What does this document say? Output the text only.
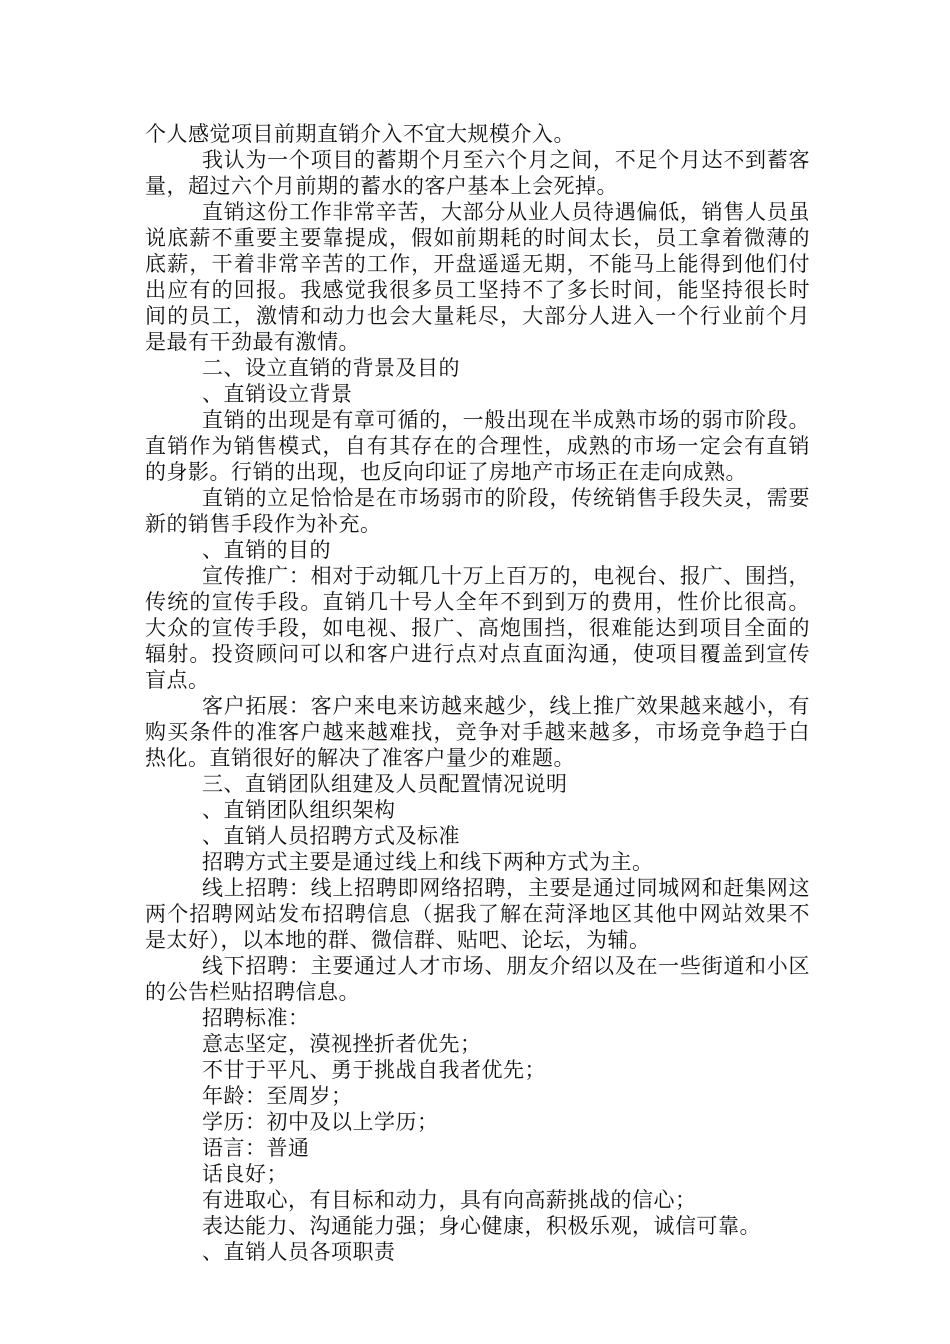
个人感觉项目前期直销介入不宜大规模介入。

我认为一个项目的蓄期个月至六个月之间，不足个月达不到蓄客量，超过六个月前期的蓄水的客户基本上会死掉。

直销这份工作非常辛苦，大部分从业人员待遇偏低，销售人员虽说底薪不重要主要靠提成，假如前期耗的时间太长，员工拿着微薄的底薪，干着非常辛苦的工作，开盘遥遥无期，不能马上能得到他们付出应有的回报。我感觉我很多员工坚持不了多长时间，能坚持很长时间的员工，激情和动力也会大量耗尽，大部分人进入一个行业前个月是最有干劲最有激情。

二、设立直销的背景及目的

、直销设立背景

直销的出现是有章可循的，一般出现在半成熟市场的弱市阶段。直销作为销售模式，自有其存在的合理性，成熟的市场一定会有直销的身影。行销的出现，也反向印证了房地产市场正在走向成熟。

直销的立足恰恰是在市场弱市的阶段，传统销售手段失灵，需要新的销售手段作为补充。

、直销的目的

宣传推广：相对于动辄几十万上百万的，电视台、报广、围挡，传统的宣传手段。直销几十号人全年不到到万的费用，性价比很高。大众的宣传手段，如电视、报广、高炮围挡，很难能达到项目全面的辐射。投资顾问可以和客户进行点对点直面沟通，使项目覆盖到宣传盲点。

客户拓展：客户来电来访越来越少，线上推广效果越来越小，有购买条件的准客户越来越难找，竞争对手越来越多，市场竞争趋于白热化。直销很好的解决了准客户量少的难题。

三、直销团队组建及人员配置情况说明

、直销团队组织架构

、直销人员招聘方式及标准

招聘方式主要是通过线上和线下两种方式为主。

线上招聘：线上招聘即网络招聘，主要是通过同城网和赶集网这两个招聘网站发布招聘信息（据我了解在菏泽地区其他中网站效果不是太好），以本地的群、微信群、贴吧、论坛，为辅。

线下招聘：主要通过人才市场、朋友介绍以及在一些街道和小区的公告栏贴招聘信息。

招聘标准：

意志坚定，漠视挫折者优先；

不甘于平凡、勇于挑战自我者优先；

年龄：至周岁；

学历：初中及以上学历；

语言：普通

话良好；

有进取心，有目标和动力，具有向高薪挑战的信心；

表达能力、沟通能力强；身心健康，积极乐观，诚信可靠。

、直销人员各项职责
